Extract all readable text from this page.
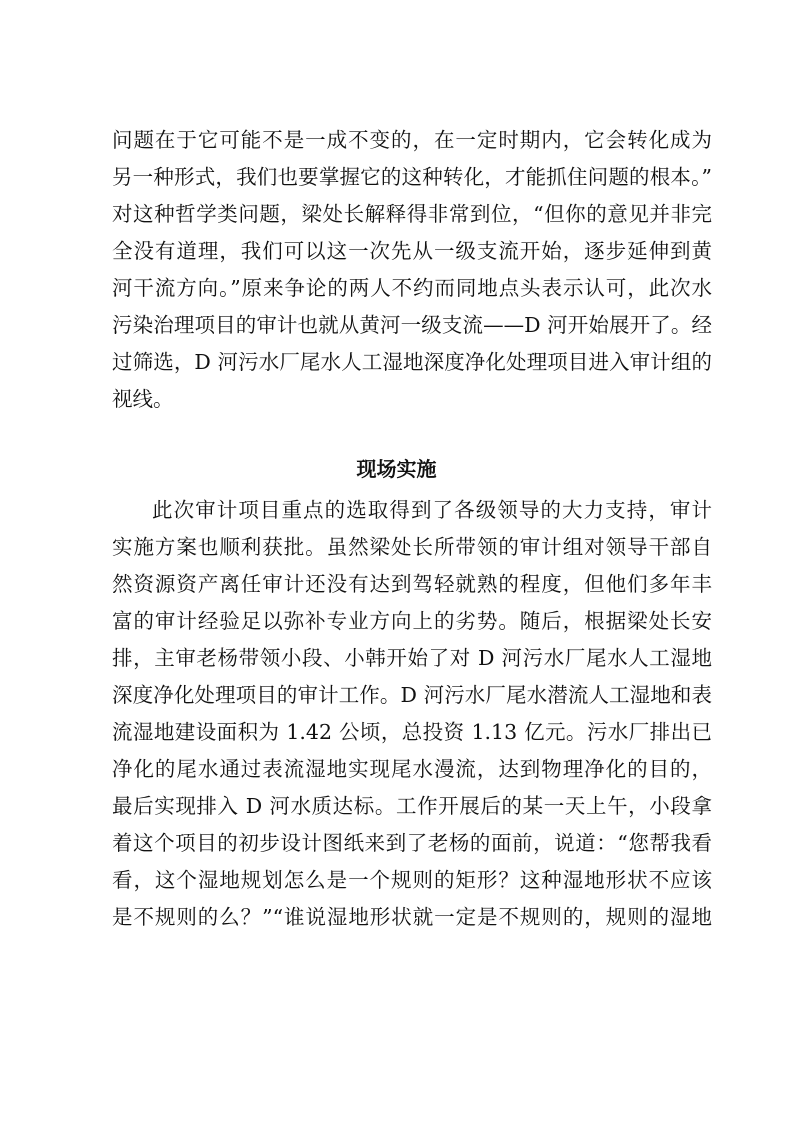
问题在于它可能不是一成不变的，在一定时期内，它会转化成为
另一种形式，我们也要掌握它的这种转化，才能抓住问题的根本。”
对这种哲学类问题，梁处长解释得非常到位，“但你的意见并非完
全没有道理，我们可以这一次先从一级支流开始，逐步延伸到黄
河干流方向。”原来争论的两人不约而同地点头表示认可，此次水
污染治理项目的审计也就从黄河一级支流——D 河开始展开了。经
过筛选，D 河污水厂尾水人工湿地深度净化处理项目进入审计组的
视线。
现场实施
此次审计项目重点的选取得到了各级领导的大力支持，审计
实施方案也顺利获批。虽然梁处长所带领的审计组对领导干部自
然资源资产离任审计还没有达到驾轻就熟的程度，但他们多年丰
富的审计经验足以弥补专业方向上的劣势。随后，根据梁处长安
排，主审老杨带领小段、小韩开始了对 D 河污水厂尾水人工湿地
深度净化处理项目的审计工作。D 河污水厂尾水潜流人工湿地和表
流湿地建设面积为 1.42 公顷，总投资 1.13 亿元。污水厂排出已
净化的尾水通过表流湿地实现尾水漫流，达到物理净化的目的，
最后实现排入 D 河水质达标。工作开展后的某一天上午，小段拿
着这个项目的初步设计图纸来到了老杨的面前，说道：“您帮我看
看，这个湿地规划怎么是一个规则的矩形？这种湿地形状不应该
是不规则的么？”“谁说湿地形状就一定是不规则的，规则的湿地
